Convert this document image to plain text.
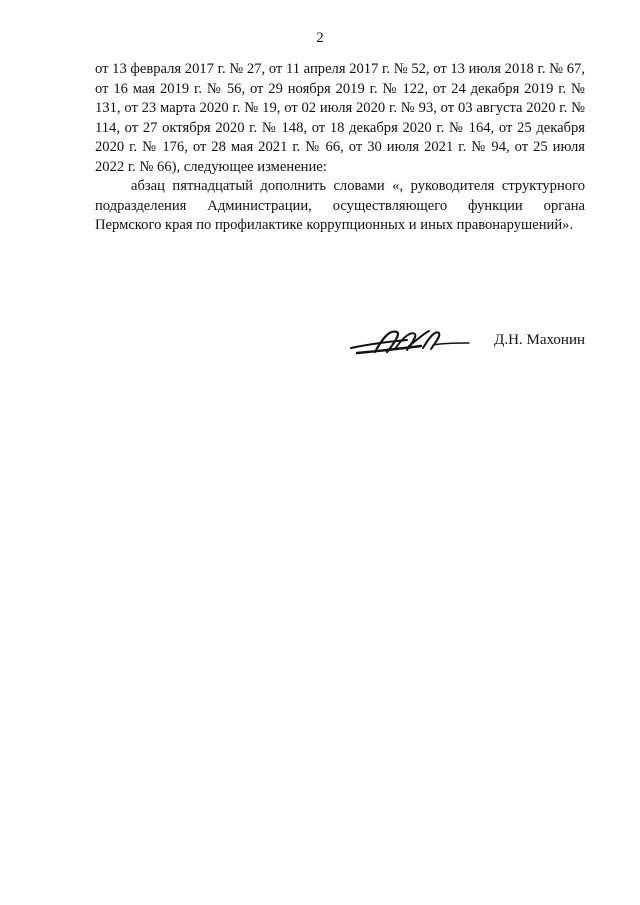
2
от 13 февраля 2017 г. № 27, от 11 апреля 2017 г. № 52, от 13 июля 2018 г. № 67, от 16 мая 2019 г. № 56, от 29 ноября 2019 г. № 122, от 24 декабря 2019 г. № 131, от 23 марта 2020 г. № 19, от 02 июля 2020 г. № 93, от 03 августа 2020 г. № 114, от 27 октября 2020 г. № 148, от 18 декабря 2020 г. № 164, от 25 декабря 2020 г. № 176, от 28 мая 2021 г. № 66, от 30 июля 2021 г. № 94, от 25 июля 2022 г. № 66), следующее изменение:
абзац пятнадцатый дополнить словами «, руководителя структурного подразделения Администрации, осуществляющего функции органа Пермского края по профилактике коррупционных и иных правонарушений».
Д.Н. Махонин
